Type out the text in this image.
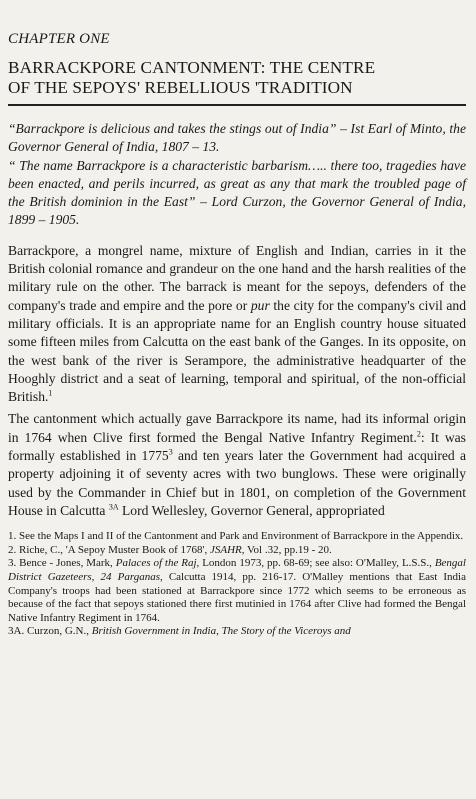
CHAPTER ONE
BARRACKPORE CANTONMENT: THE CENTRE
OF THE SEPOYS' REBELLIOUS 'TRADITION

“Barrackpore is delicious and takes the stings out of India” – Ist Earl of Minto, the Governor General of India, 1807 – 13.

“ The name Barrackpore is a characteristic barbarism….. there too, tragedies have been enacted, and perils incurred, as great as any that mark the troubled page of the British dominion in the East” – Lord Curzon, the Governor General of India, 1899 – 1905.

Barrackpore, a mongrel name, mixture of English and Indian, carries in it the British colonial romance and grandeur on the one hand and the harsh realities of the military rule on the other. The barrack is meant for the sepoys, defenders of the company's trade and empire and the pore or pur the city for the company's civil and military officials. It is an appropriate name for an English country house situated some fifteen miles from Calcutta on the east bank of the Ganges. In its opposite, on the west bank of the river is Serampore, the administrative headquarter of the Hooghly district and a seat of learning, temporal and spiritual, of the non-official British.$^1$

The cantonment which actually gave Barrackpore its name, had its informal origin in 1764 when Clive first formed the Bengal Native Infantry Regiment.$^2$: It was formally established in 1775$^3$ and ten years later the Government had acquired a property adjoining it of seventy acres with two bunglows. These were originally used by the Commander in Chief but in 1801, on completion of the Government House in Calcutta $^{3A}$ Lord Wellesley, Governor General, appropriated

1. See the Maps I and II of the Cantonment and Park and Environment of Barrackpore in the Appendix.

2. Riche, C., 'A Sepoy Muster Book of 1768', JSAHR, Vol .32, pp.19 - 20.

3. Bence - Jones, Mark, Palaces of the Raj, London 1973, pp. 68-69; see also: O'Malley, L.S.S., Bengal District Gazeteers, 24 Parganas, Calcutta 1914, pp. 216-17. O'Malley mentions that East India Company's troops had been stationed at Barrackpore since 1772 which seems to be erroneous as because of the fact that sepoys stationed there first mutinied in 1764 after Clive had formed the Bengal Native Infantry Regiment in 1764.

3A. Curzon, G.N., British Government in India, The Story of the Viceroys and
